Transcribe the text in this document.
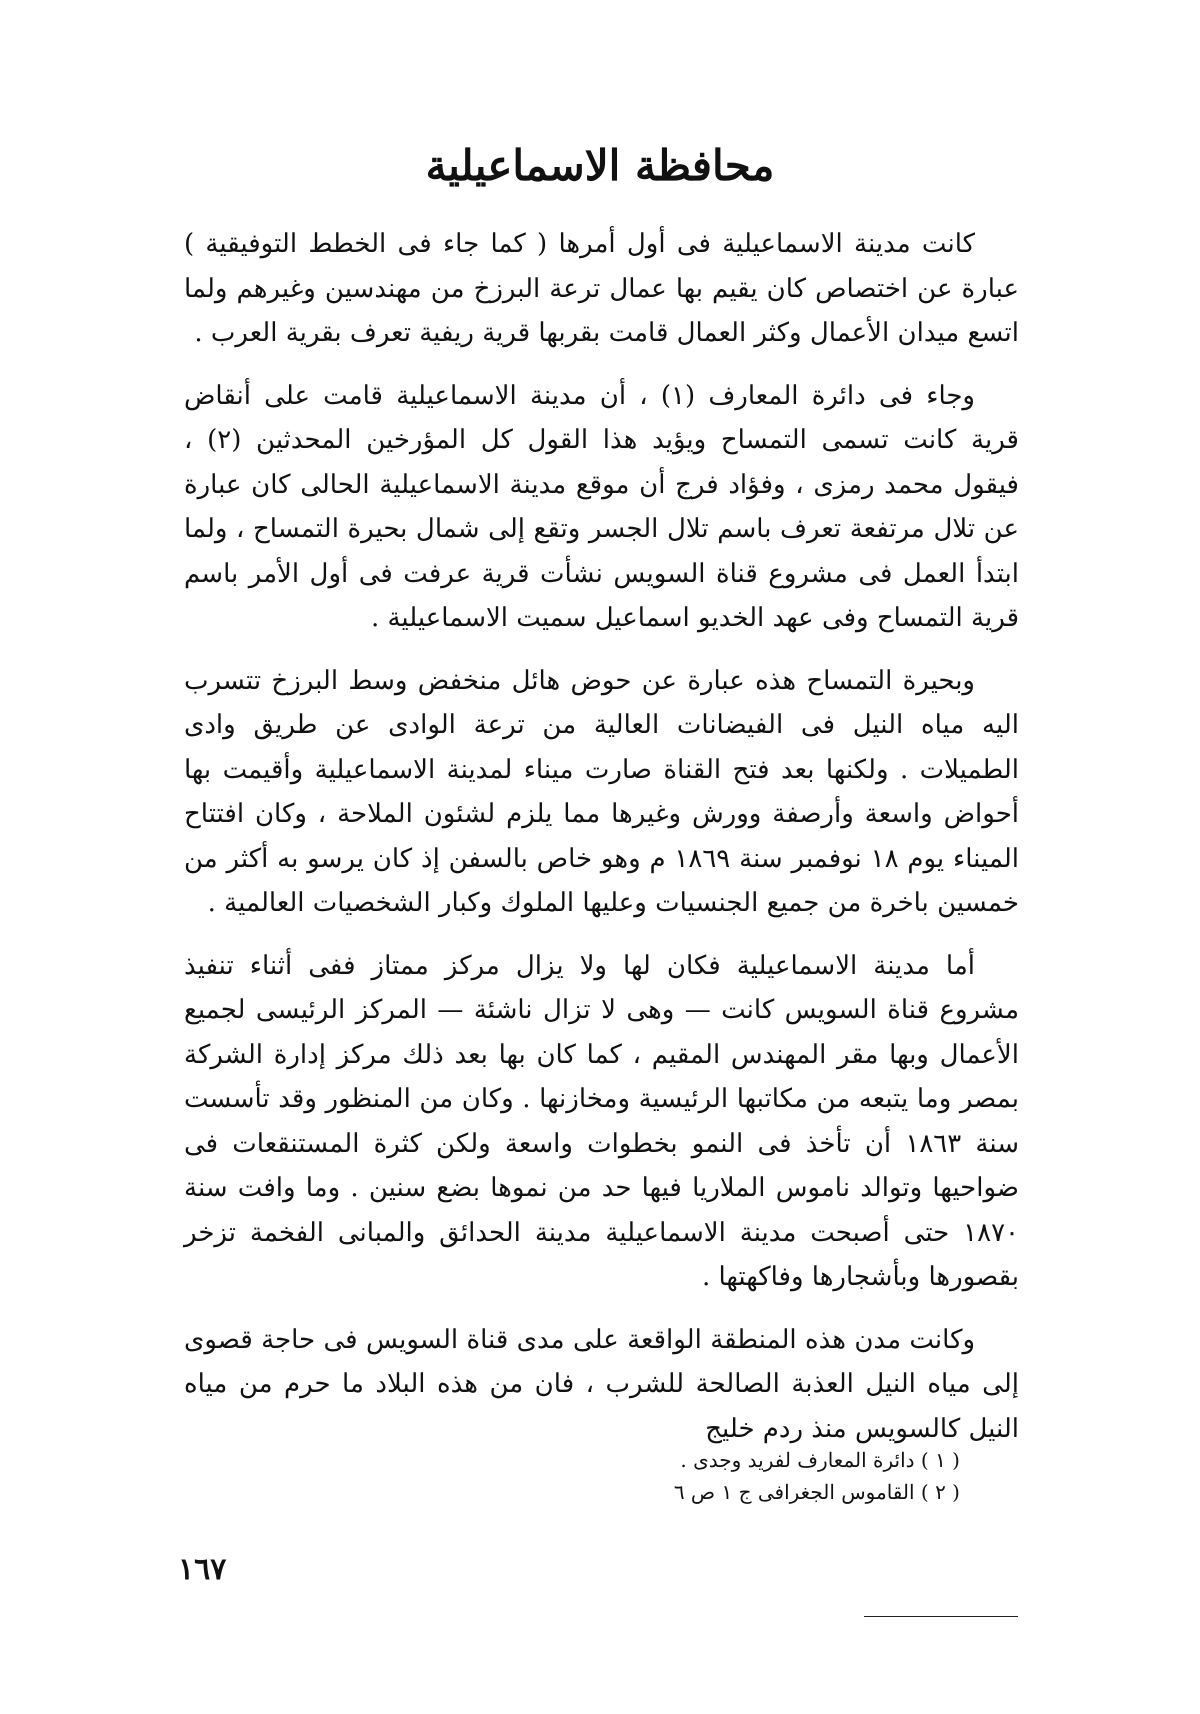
محافظة الاسماعيلية

كانت مدينة الاسماعيلية فى أول أمرها ( كما جاء فى الخطط التوفيقية ) عبارة عن اختصاص كان يقيم بها عمال ترعة البرزخ من مهندسين وغيرهم ولما اتسع ميدان الأعمال وكثر العمال قامت بقربها قرية ريفية تعرف بقرية العرب .

وجاء فى دائرة المعارف (١) ، أن مدينة الاسماعيلية قامت على أنقاض قرية كانت تسمى التمساح ويؤيد هذا القول كل المؤرخين المحدثين (٢) ، فيقول محمد رمزى ، وفؤاد فرج أن موقع مدينة الاسماعيلية الحالى كان عبارة عن تلال مرتفعة تعرف باسم تلال الجسر وتقع إلى شمال بحيرة التمساح ، ولما ابتدأ العمل فى مشروع قناة السويس نشأت قرية عرفت فى أول الأمر باسم قرية التمساح وفى عهد الخديو اسماعيل سميت الاسماعيلية .

وبحيرة التمساح هذه عبارة عن حوض هائل منخفض وسط البرزخ تتسرب اليه مياه النيل فى الفيضانات العالية من ترعة الوادى عن طريق وادى الطميلات . ولكنها بعد فتح القناة صارت ميناء لمدينة الاسماعيلية وأقيمت بها أحواض واسعة وأرصفة وورش وغيرها مما يلزم لشئون الملاحة ، وكان افتتاح الميناء يوم ١٨ نوفمبر سنة ١٨٦٩ م وهو خاص بالسفن إذ كان يرسو به أكثر من خمسين باخرة من جميع الجنسيات وعليها الملوك وكبار الشخصيات العالمية .

أما مدينة الاسماعيلية فكان لها ولا يزال مركز ممتاز ففى أثناء تنفيذ مشروع قناة السويس كانت — وهى لا تزال ناشئة — المركز الرئيسى لجميع الأعمال وبها مقر المهندس المقيم ، كما كان بها بعد ذلك مركز إدارة الشركة بمصر وما يتبعه من مكاتبها الرئيسية ومخازنها . وكان من المنظور وقد تأسست سنة ١٨٦٣ أن تأخذ فى النمو بخطوات واسعة ولكن كثرة المستنقعات فى ضواحيها وتوالد ناموس الملاريا فيها حد من نموها بضع سنين . وما وافت سنة ١٨٧٠ حتى أصبحت مدينة الاسماعيلية مدينة الحدائق والمبانى الفخمة تزخر بقصورها وبأشجارها وفاكهتها .

وكانت مدن هذه المنطقة الواقعة على مدى قناة السويس فى حاجة قصوى إلى مياه النيل العذبة الصالحة للشرب ، فان من هذه البلاد ما حرم من مياه النيل كالسويس منذ ردم خليج

( ١ ) دائرة المعارف لفريد وجدى .

( ٢ ) القاموس الجغرافى ج ١ ص ٦

١٦٧
